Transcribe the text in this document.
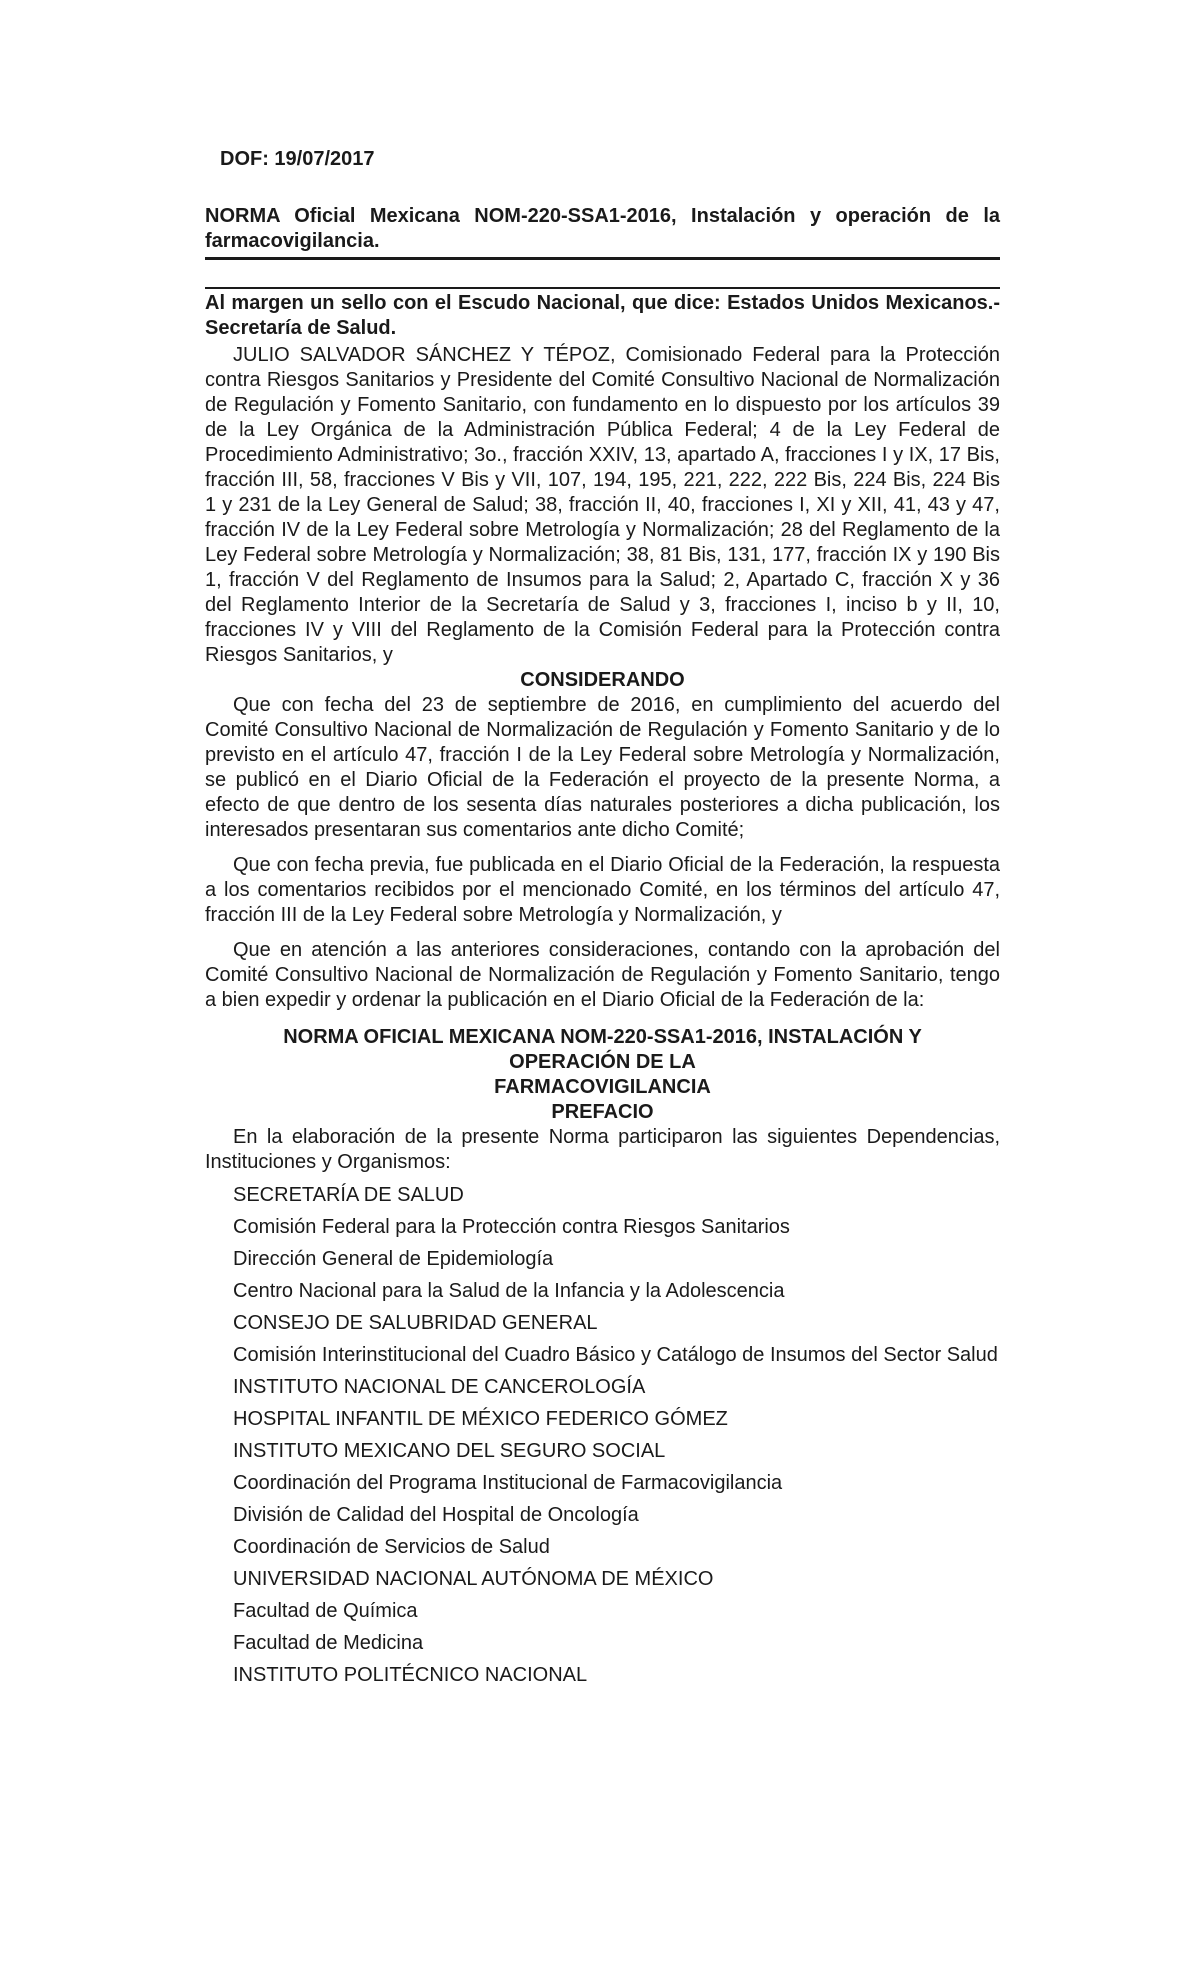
DOF: 19/07/2017
NORMA Oficial Mexicana NOM-220-SSA1-2016, Instalación y operación de la farmacovigilancia.
Al margen un sello con el Escudo Nacional, que dice: Estados Unidos Mexicanos.- Secretaría de Salud.

JULIO SALVADOR SÁNCHEZ Y TÉPOZ, Comisionado Federal para la Protección contra Riesgos Sanitarios y Presidente del Comité Consultivo Nacional de Normalización de Regulación y Fomento Sanitario, con fundamento en lo dispuesto por los artículos 39 de la Ley Orgánica de la Administración Pública Federal; 4 de la Ley Federal de Procedimiento Administrativo; 3o., fracción XXIV, 13, apartado A, fracciones I y IX, 17 Bis, fracción III, 58, fracciones V Bis y VII, 107, 194, 195, 221, 222, 222 Bis, 224 Bis, 224 Bis 1 y 231 de la Ley General de Salud; 38, fracción II, 40, fracciones I, XI y XII, 41, 43 y 47, fracción IV de la Ley Federal sobre Metrología y Normalización; 28 del Reglamento de la Ley Federal sobre Metrología y Normalización; 38, 81 Bis, 131, 177, fracción IX y 190 Bis 1, fracción V del Reglamento de Insumos para la Salud; 2, Apartado C, fracción X y 36 del Reglamento Interior de la Secretaría de Salud y 3, fracciones I, inciso b y II, 10, fracciones IV y VIII del Reglamento de la Comisión Federal para la Protección contra Riesgos Sanitarios, y

CONSIDERANDO

Que con fecha del 23 de septiembre de 2016, en cumplimiento del acuerdo del Comité Consultivo Nacional de Normalización de Regulación y Fomento Sanitario y de lo previsto en el artículo 47, fracción I de la Ley Federal sobre Metrología y Normalización, se publicó en el Diario Oficial de la Federación el proyecto de la presente Norma, a efecto de que dentro de los sesenta días naturales posteriores a dicha publicación, los interesados presentaran sus comentarios ante dicho Comité;

Que con fecha previa, fue publicada en el Diario Oficial de la Federación, la respuesta a los comentarios recibidos por el mencionado Comité, en los términos del artículo 47, fracción III de la Ley Federal sobre Metrología y Normalización, y

Que en atención a las anteriores consideraciones, contando con la aprobación del Comité Consultivo Nacional de Normalización de Regulación y Fomento Sanitario, tengo a bien expedir y ordenar la publicación en el Diario Oficial de la Federación de la:

NORMA OFICIAL MEXICANA NOM-220-SSA1-2016, INSTALACIÓN Y
OPERACIÓN DE LA
FARMACOVIGILANCIA
PREFACIO

En la elaboración de la presente Norma participaron las siguientes Dependencias, Instituciones y Organismos:

SECRETARÍA DE SALUD
Comisión Federal para la Protección contra Riesgos Sanitarios
Dirección General de Epidemiología
Centro Nacional para la Salud de la Infancia y la Adolescencia
CONSEJO DE SALUBRIDAD GENERAL
Comisión Interinstitucional del Cuadro Básico y Catálogo de Insumos del Sector Salud
INSTITUTO NACIONAL DE CANCEROLOGÍA
HOSPITAL INFANTIL DE MÉXICO FEDERICO GÓMEZ
INSTITUTO MEXICANO DEL SEGURO SOCIAL
Coordinación del Programa Institucional de Farmacovigilancia
División de Calidad del Hospital de Oncología
Coordinación de Servicios de Salud
UNIVERSIDAD NACIONAL AUTÓNOMA DE MÉXICO
Facultad de Química
Facultad de Medicina
INSTITUTO POLITÉCNICO NACIONAL
